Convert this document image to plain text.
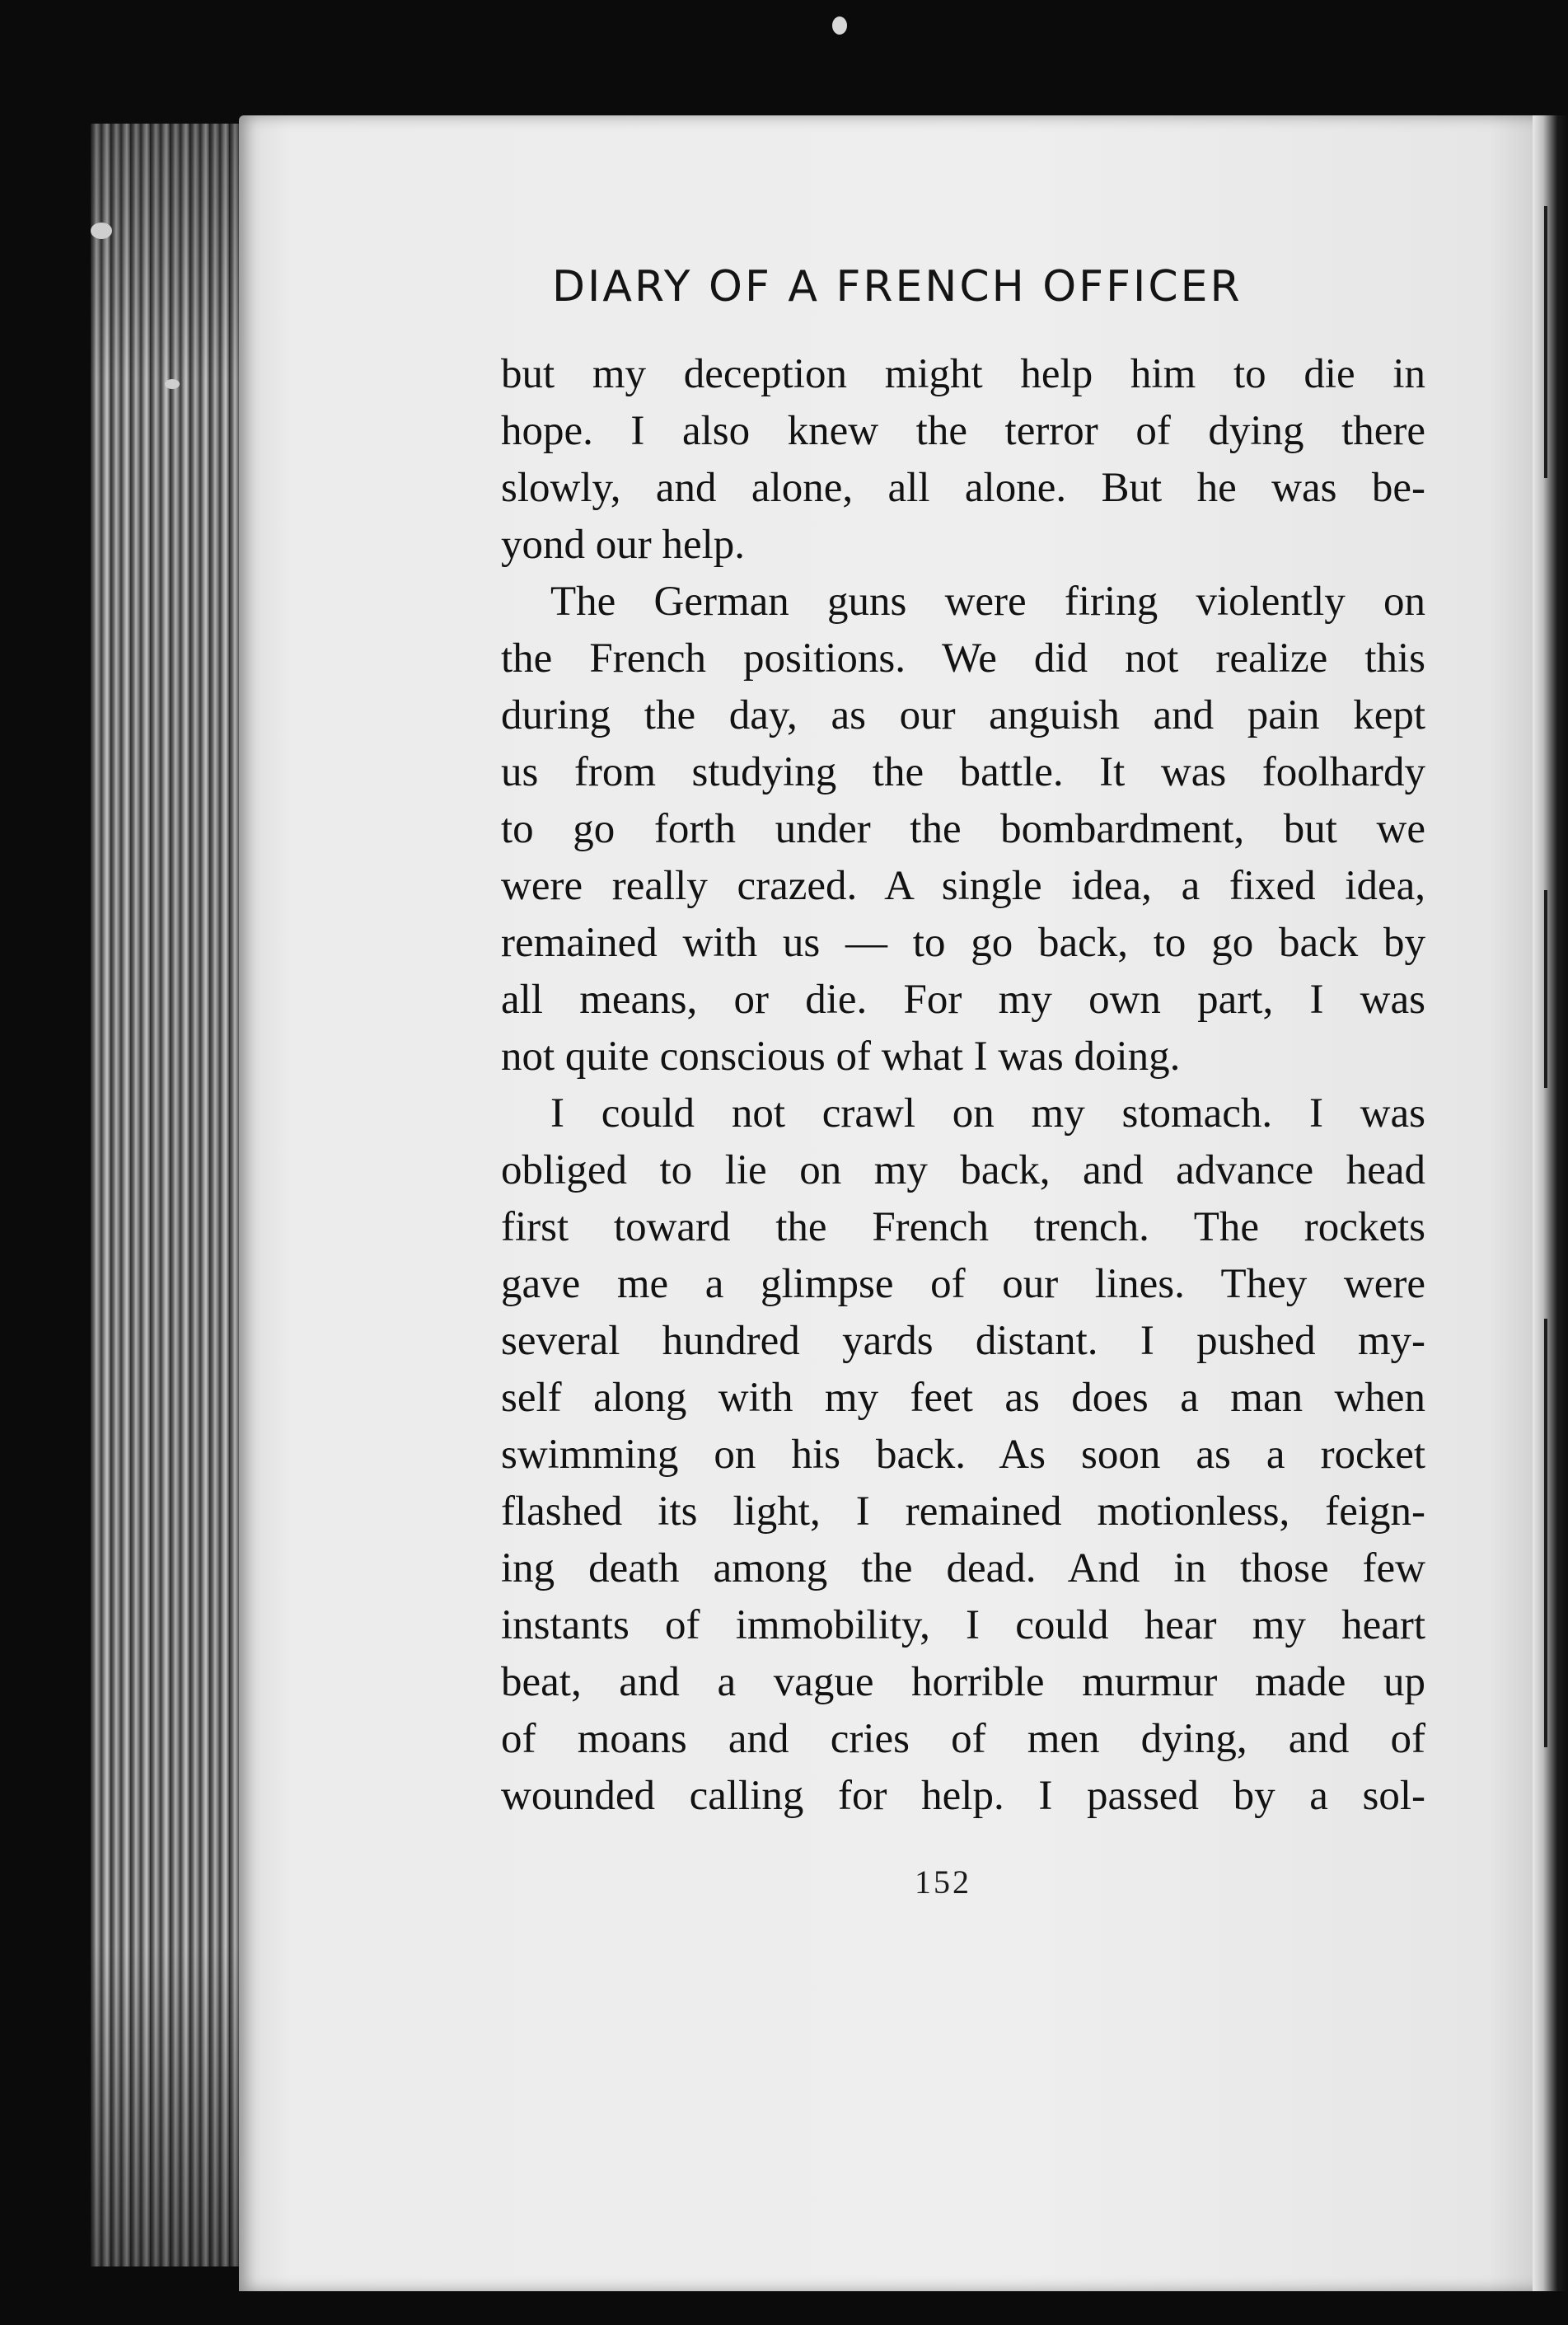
DIARY OF A FRENCH OFFICER
but my deception might help him to die in
hope. I also knew the terror of dying there
slowly, and alone, all alone. But he was be-
yond our help.
The German guns were firing violently on
the French positions. We did not realize this
during the day, as our anguish and pain kept
us from studying the battle. It was foolhardy
to go forth under the bombardment, but we
were really crazed. A single idea, a fixed idea,
remained with us — to go back, to go back by
all means, or die. For my own part, I was
not quite conscious of what I was doing.
I could not crawl on my stomach. I was
obliged to lie on my back, and advance head
first toward the French trench. The rockets
gave me a glimpse of our lines. They were
several hundred yards distant. I pushed my-
self along with my feet as does a man when
swimming on his back. As soon as a rocket
flashed its light, I remained motionless, feign-
ing death among the dead. And in those few
instants of immobility, I could hear my heart
beat, and a vague horrible murmur made up
of moans and cries of men dying, and of
wounded calling for help. I passed by a sol-
152
